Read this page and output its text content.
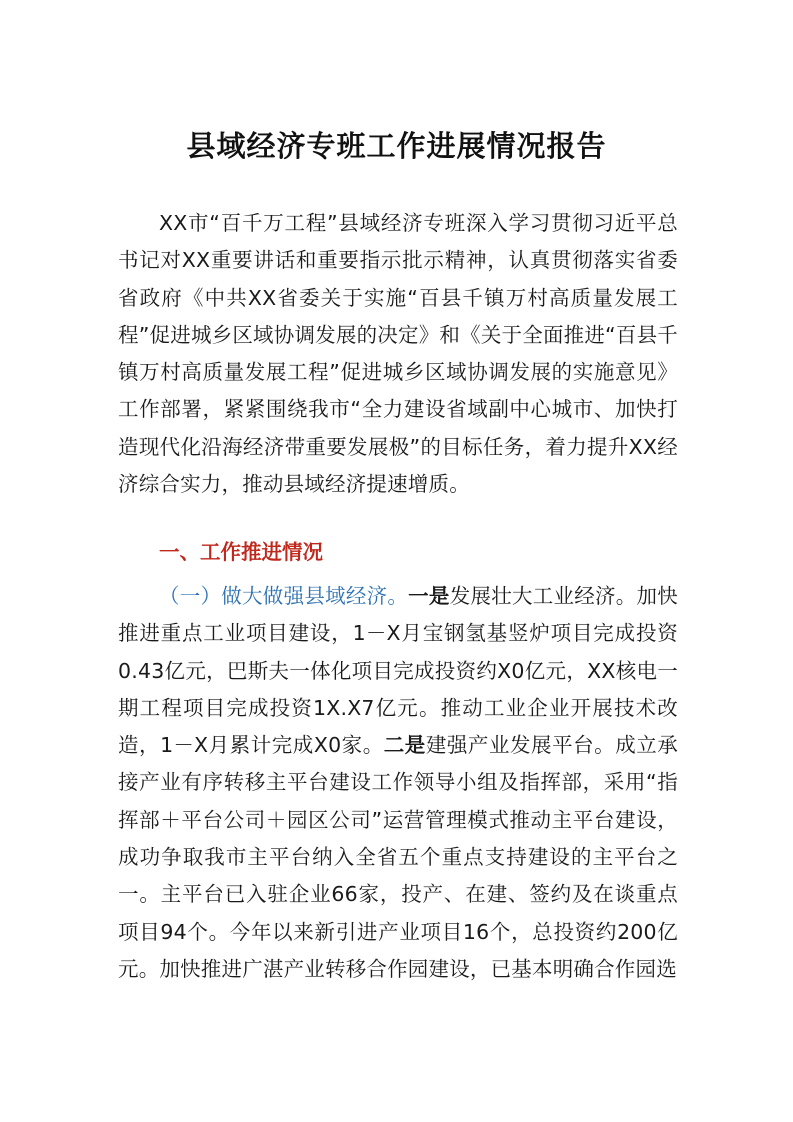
县域经济专班工作进展情况报告

XX市“百千万工程”县域经济专班深入学习贯彻习近平总书记对XX重要讲话和重要指示批示精神，认真贯彻落实省委省政府《中共XX省委关于实施“百县千镇万村高质量发展工程”促进城乡区域协调发展的决定》和《关于全面推进“百县千镇万村高质量发展工程”促进城乡区域协调发展的实施意见》工作部署，紧紧围绕我市“全力建设省域副中心城市、加快打造现代化沿海经济带重要发展极”的目标任务，着力提升XX经济综合实力，推动县域经济提速增质。

一、工作推进情况

（一）做大做强县域经济。一是发展壮大工业经济。加快推进重点工业项目建设，1－X月宝钢氢基竖炉项目完成投资0.43亿元，巴斯夫一体化项目完成投资约X0亿元，XX核电一期工程项目完成投资1X.X7亿元。推动工业企业开展技术改造，1－X月累计完成X0家。二是建强产业发展平台。成立承接产业有序转移主平台建设工作领导小组及指挥部，采用“指挥部＋平台公司＋园区公司”运营管理模式推动主平台建设，成功争取我市主平台纳入全省五个重点支持建设的主平台之一。主平台已入驻企业66家，投产、在建、签约及在谈重点项目94个。今年以来新引进产业项目16个，总投资约200亿元。加快推进广湛产业转移合作园建设，已基本明确合作园选
